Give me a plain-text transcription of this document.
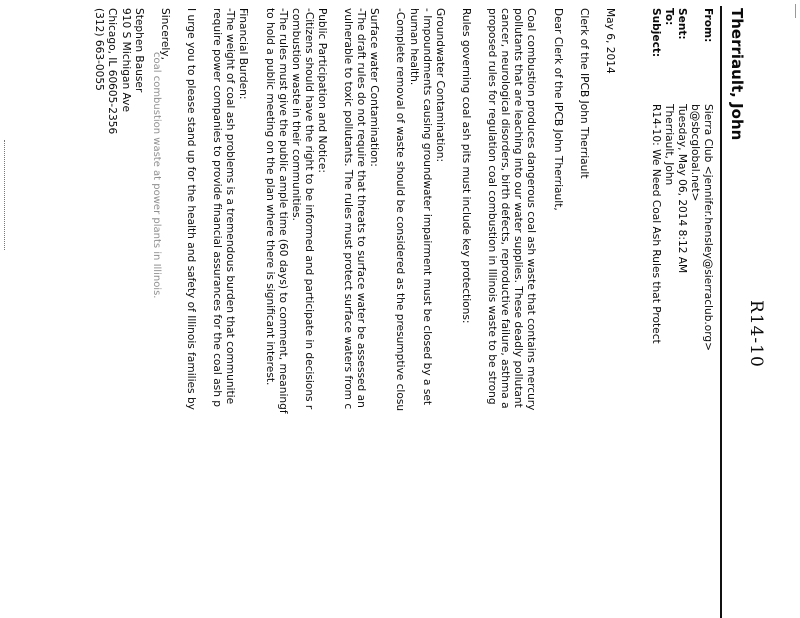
R14-10
Therriault, John
From:
Sierra Club <jennifer.hensley@sierraclub.org>
b@sbcglobal.net>
Sent:
Tuesday, May 06, 2014 8:12 AM
To:
Therriault, John
Subject:
R14-10: We Need Coal Ash Rules that Protect
May 6, 2014
Clerk of the IPCB John Therriault
Dear Clerk of the IPCB John Therriault,
Coal combustion produces dangerous coal ash waste that contains mercury
pollutants that are leaching into our water supplies. These deadly pollutant
cancer, neurological disorders, birth defects, reproductive failure, asthma a
proposed rules for regulation coal combustion in Illinois waste to be strong
Rules governing coal ash pits must include key protections:
Groundwater Contamination:
- Impoundments causing groundwater impairment must be closed by a set
human health.
-Complete removal of waste should be considered as the presumptive closu
Surface water Contamination:
-The draft rules do not require that threats to surface water be assessed an
vulnerable to toxic pollutants. The rules must protect surface waters from c
Public Participation and Notice:
-Citizens should have the right to be informed and participate in decisions r
combustion waste in their communities.
-The rules must give the public ample time (60 days) to comment, meaningf
to hold a public meeting on the plan where there is significant interest.
Financial Burden:
-The weight of coal ash problems is a tremendous burden that communitie
require power companies to provide financial assurances for the coal ash p
I urge you to please stand up for the health and safety of Illinois families by
Sincerely,
Stephen Bauser
910 S Michigan Ave
Chicago, IL 60605-2356
(312) 663-0055
coal combustion waste at power plants in Illinois.
